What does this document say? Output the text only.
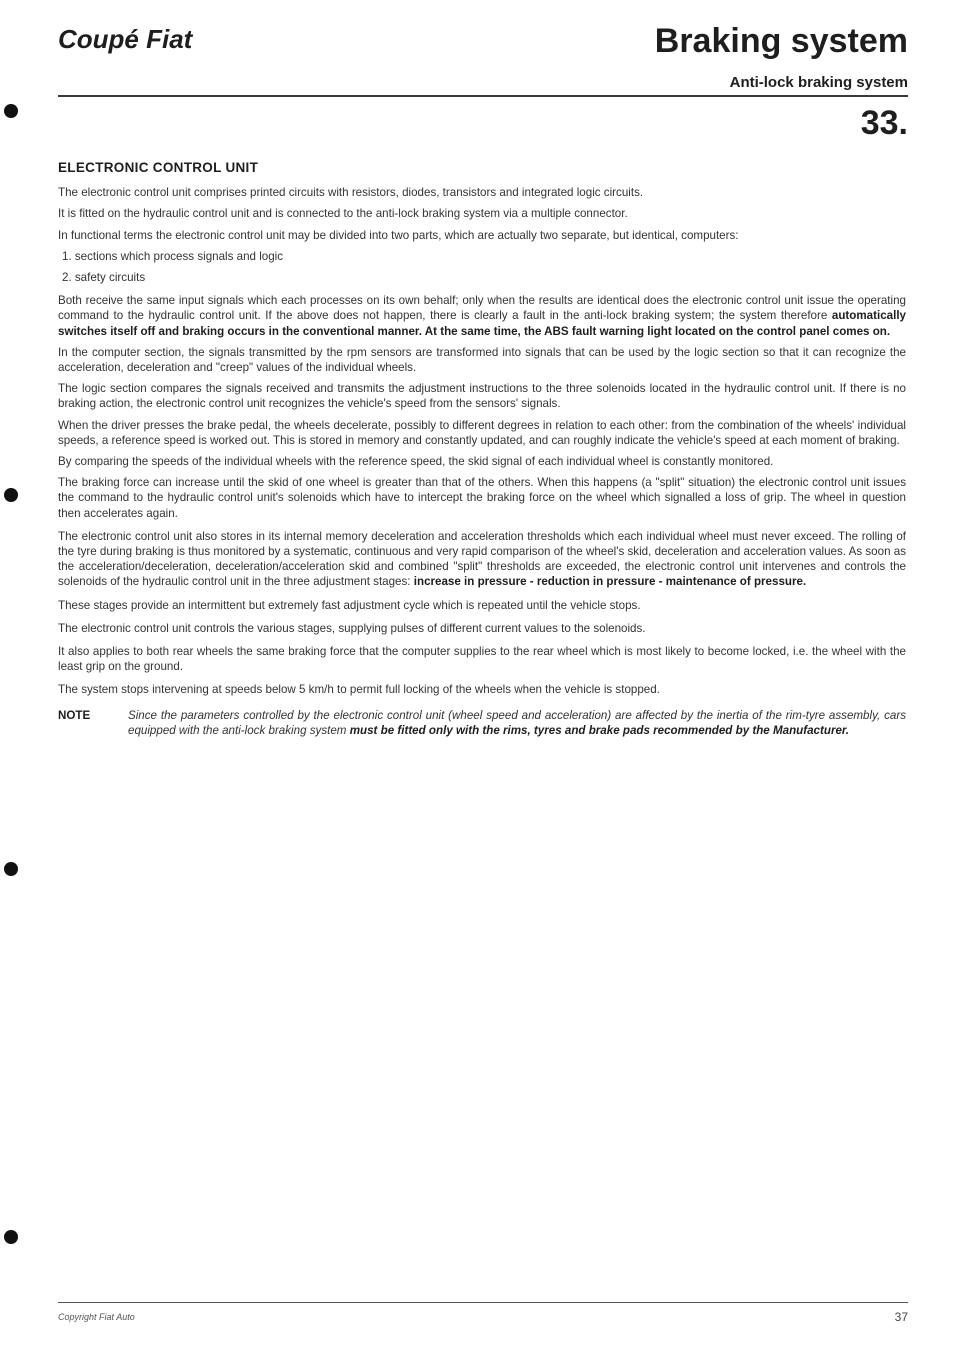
Coupé Fiat	Braking system
Anti-lock braking system
33.
ELECTRONIC CONTROL UNIT

The electronic control unit comprises printed circuits with resistors, diodes, transistors and integrated logic circuits.

It is fitted on the hydraulic control unit and is connected to the anti-lock braking system via a multiple connector.

In functional terms the electronic control unit may be divided into two parts, which are actually two separate, but identical, computers:

1. sections which process signals and logic
2. safety circuits

Both receive the same input signals which each processes on its own behalf; only when the results are identical does the electronic control unit issue the operating command to the hydraulic control unit. If the above does not happen, there is clearly a fault in the anti-lock braking system; the system therefore automatically switches itself off and braking occurs in the conventional manner. At the same time, the ABS fault warning light located on the control panel comes on.

In the computer section, the signals transmitted by the rpm sensors are transformed into signals that can be used by the logic section so that it can recognize the acceleration, deceleration and "creep" values of the individual wheels.

The logic section compares the signals received and transmits the adjustment instructions to the three solenoids located in the hydraulic control unit. If there is no braking action, the electronic control unit recognizes the vehicle's speed from the sensors' signals.

When the driver presses the brake pedal, the wheels decelerate, possibly to different degrees in relation to each other: from the combination of the wheels' individual speeds, a reference speed is worked out. This is stored in memory and constantly updated, and can roughly indicate the vehicle's speed at each moment of braking.

By comparing the speeds of the individual wheels with the reference speed, the skid signal of each individual wheel is constantly monitored.

The braking force can increase until the skid of one wheel is greater than that of the others. When this happens (a "split" situation) the electronic control unit issues the command to the hydraulic control unit's solenoids which have to intercept the braking force on the wheel which signalled a loss of grip. The wheel in question then accelerates again.

The electronic control unit also stores in its internal memory deceleration and acceleration thresholds which each individual wheel must never exceed. The rolling of the tyre during braking is thus monitored by a systematic, continuous and very rapid comparison of the wheel's skid, deceleration and acceleration values. As soon as the acceleration/deceleration, deceleration/acceleration skid and combined "split" thresholds are exceeded, the electronic control unit intervenes and controls the solenoids of the hydraulic control unit in the three adjustment stages: increase in pressure - reduction in pressure - maintenance of pressure.

These stages provide an intermittent but extremely fast adjustment cycle which is repeated until the vehicle stops.

The electronic control unit controls the various stages, supplying pulses of different current values to the solenoids.

It also applies to both rear wheels the same braking force that the computer supplies to the rear wheel which is most likely to become locked, i.e. the wheel with the least grip on the ground.

The system stops intervening at speeds below 5 km/h to permit full locking of the wheels when the vehicle is stopped.

NOTE	Since the parameters controlled by the electronic control unit (wheel speed and acceleration) are affected by the inertia of the rim-tyre assembly, cars equipped with the anti-lock braking system must be fitted only with the rims, tyres and brake pads recommended by the Manufacturer.
Copyright Fiat Auto	37
